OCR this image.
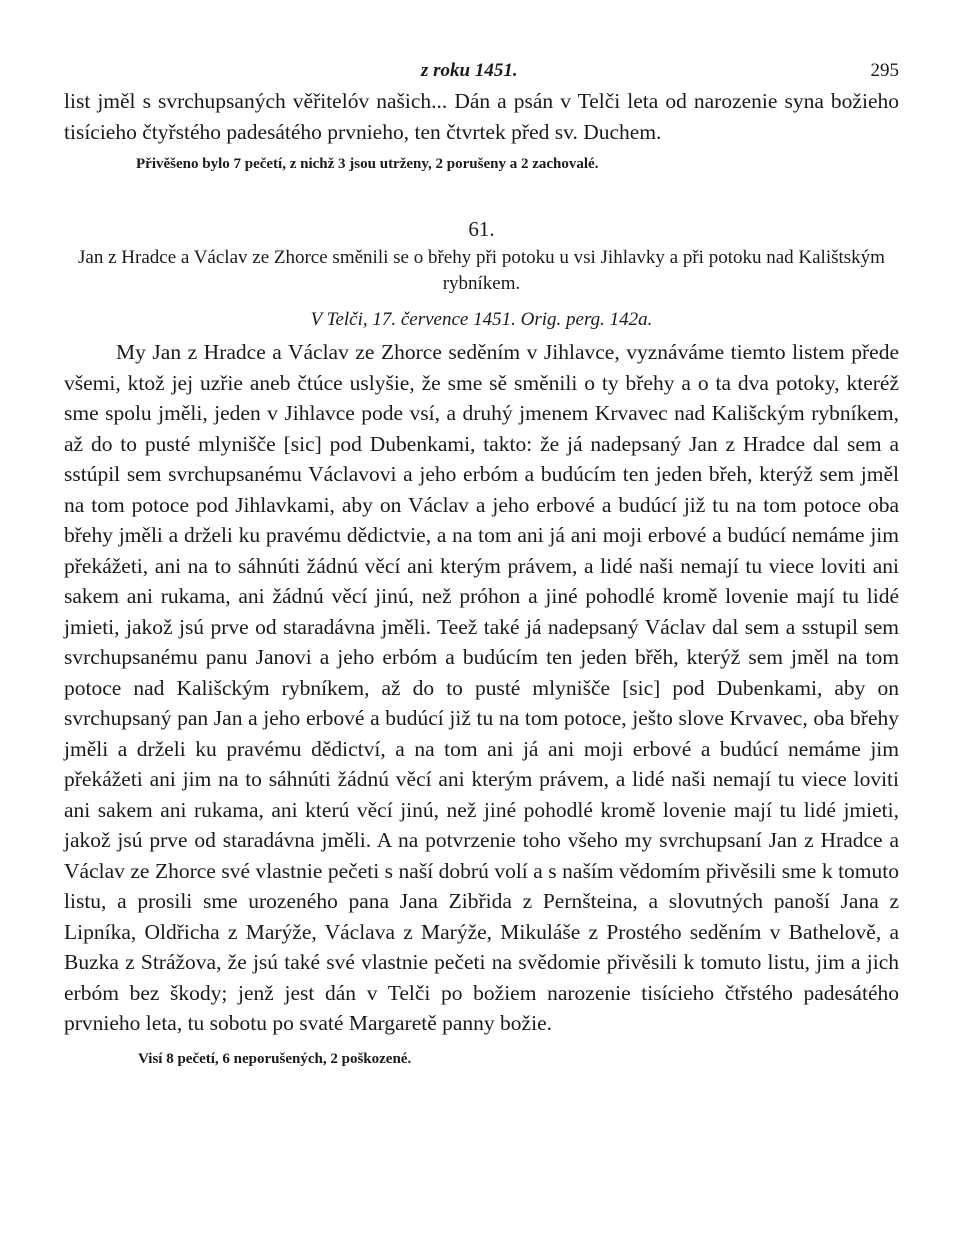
z roku 1451.	295

list jměl s svrchupsaných věřitelóv našich... Dán a psán v Telči leta od narozenie syna božieho tisícieho čtyřstého padesátého prvnieho, ten čtvrtek před sv. Duchem.

Přivěšeno bylo 7 pečetí, z nichž 3 jsou utrženy, 2 porušeny a 2 zachovalé.
61.
Jan z Hradce a Václav ze Zhorce směnili se o břehy při potoku u vsi Jihlavky a při potoku nad Kalištským rybníkem.
V Telči, 17. července 1451. Orig. perg. 142a.

My Jan z Hradce a Václav ze Zhorce seděním v Jihlavce, vyznáváme tiemto listem přede všemi, ktož jej uzřie aneb čtúce uslyšie, že sme sě směnili o ty břehy a o ta dva potoky, kteréž sme spolu jměli, jeden v Jihlavce pode vsí, a druhý jmenem Krvavec nad Kališckým rybníkem, až do to pusté mlynišče [sic] pod Dubenkami, takto: že já nadepsaný Jan z Hradce dal sem a sstúpil sem svrchupsanému Václavovi a jeho erbóm a budúcím ten jeden břeh, kterýž sem jměl na tom potoce pod Jihlavkami, aby on Václav a jeho erbové a budúcí již tu na tom potoce oba břehy jměli a drželi ku pravému dědictvie, a na tom ani já ani moji erbové a budúcí nemáme jim překážeti, ani na to sáhnúti žádnú věcí ani kterým právem, a lidé naši nemají tu viece loviti ani sakem ani rukama, ani žádnú věcí jinú, než próhon a jiné pohodlé kromě lovenie mají tu lidé jmieti, jakož jsú prve od staradávna jměli. Teež také já nadepsaný Václav dal sem a sstupil sem svrchupsanému panu Janovi a jeho erbóm a budúcím ten jeden břěh, kterýž sem jměl na tom potoce nad Kališckým rybníkem, až do to pusté mlynišče [sic] pod Dubenkami, aby on svrchupsaný pan Jan a jeho erbové a budúcí již tu na tom potoce, ješto slove Krvavec, oba břehy jměli a drželi ku pravému dědictví, a na tom ani já ani moji erbové a budúcí nemáme jim překážeti ani jim na to sáhnúti žádnú věcí ani kterým právem, a lidé naši nemají tu viece loviti ani sakem ani rukama, ani kterú věcí jinú, než jiné pohodlé kromě lovenie mají tu lidé jmieti, jakož jsú prve od staradávna jměli. A na potvrzenie toho všeho my svrchupsaní Jan z Hradce a Václav ze Zhorce své vlastnie pečeti s naší dobrú volí a s naším vědomím přivěsili sme k tomuto listu, a prosili sme urozeného pana Jana Zibřida z Pernšteina, a slovutných panoší Jana z Lipníka, Oldřicha z Marýže, Václava z Marýže, Mikuláše z Prostého seděním v Bathelově, a Buzka z Strážova, že jsú také své vlastnie pečeti na svědomie přivěsili k tomuto listu, jim a jich erbóm bez škody; jenž jest dán v Telči po božiem narozenie tisícieho čtřstého padesátého prvnieho leta, tu sobotu po svaté Margaretě panny božie.

Visí 8 pečetí, 6 neporušených, 2 poškozené.
